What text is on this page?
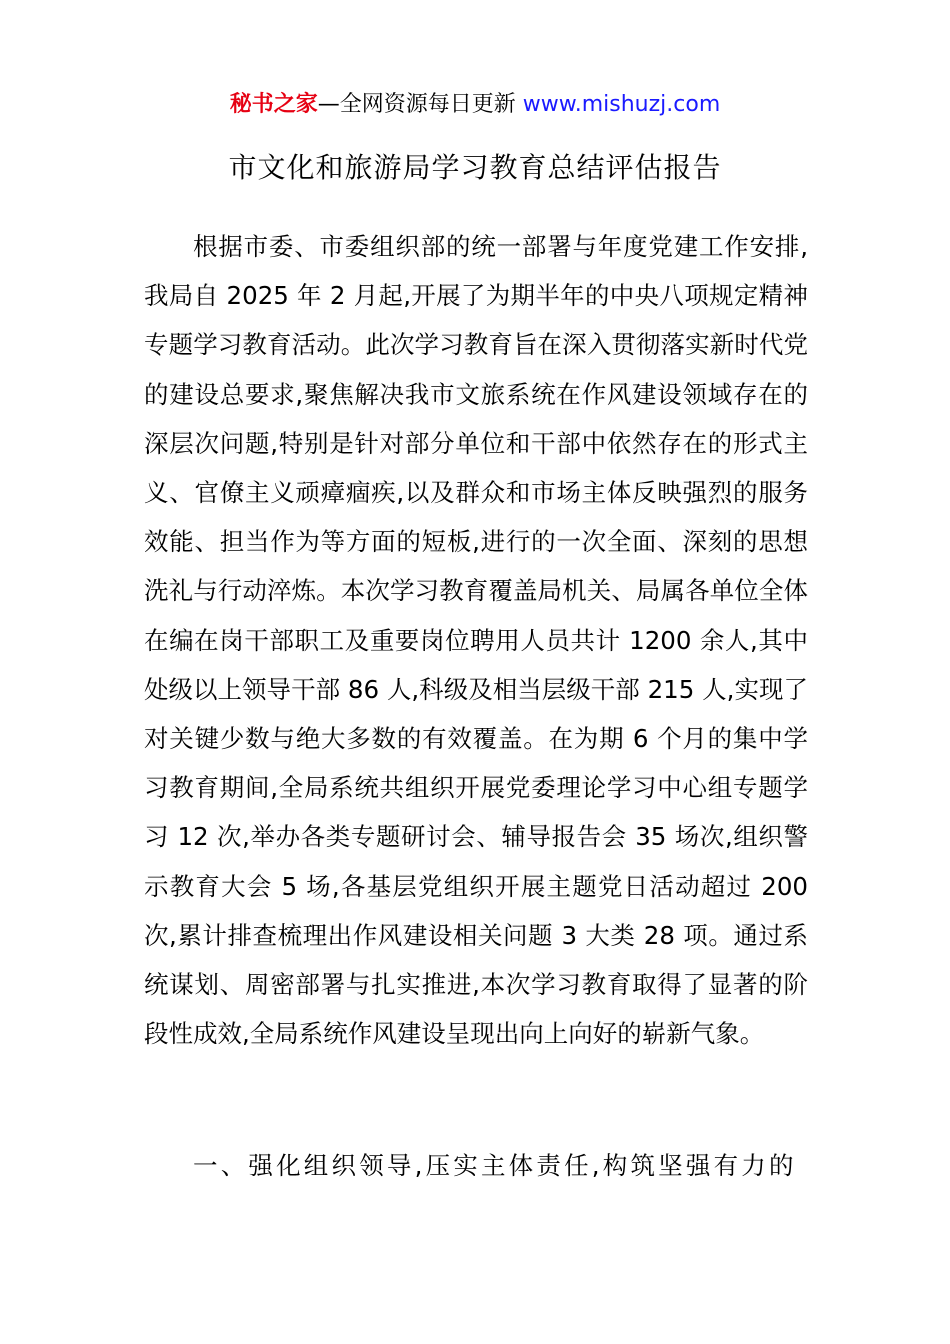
秘书之家—全网资源每日更新 www.mishuzj.com
市文化和旅游局学习教育总结评估报告

根据市委、市委组织部的统一部署与年度党建工作安排,我局自 2025 年 2 月起,开展了为期半年的中央八项规定精神专题学习教育活动。此次学习教育旨在深入贯彻落实新时代党的建设总要求,聚焦解决我市文旅系统在作风建设领域存在的深层次问题,特别是针对部分单位和干部中依然存在的形式主义、官僚主义顽瘴痼疾,以及群众和市场主体反映强烈的服务效能、担当作为等方面的短板,进行的一次全面、深刻的思想洗礼与行动淬炼。本次学习教育覆盖局机关、局属各单位全体在编在岗干部职工及重要岗位聘用人员共计 1200 余人,其中处级以上领导干部 86 人,科级及相当层级干部 215 人,实现了对关键少数与绝大多数的有效覆盖。在为期 6 个月的集中学习教育期间,全局系统共组织开展党委理论学习中心组专题学习 12 次,举办各类专题研讨会、辅导报告会 35 场次,组织警示教育大会 5 场,各基层党组织开展主题党日活动超过 200 次,累计排查梳理出作风建设相关问题 3 大类 28 项。通过系统谋划、周密部署与扎实推进,本次学习教育取得了显著的阶段性成效,全局系统作风建设呈现出向上向好的崭新气象。

一、强化组织领导,压实主体责任,构筑坚强有力的
